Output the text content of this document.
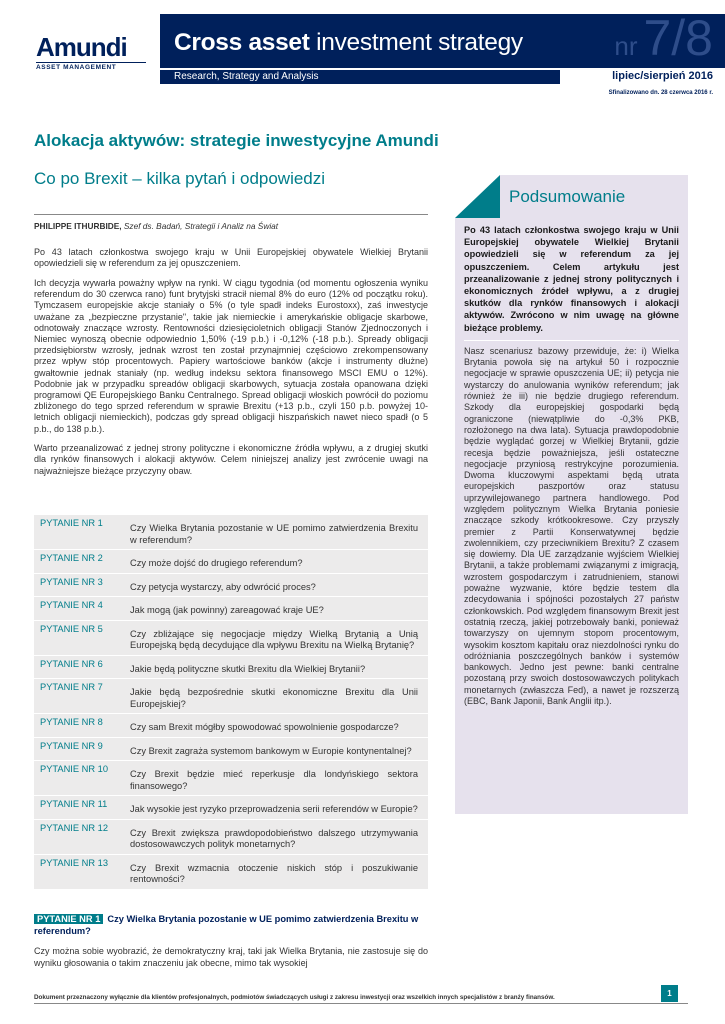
Amundi
ASSET MANAGEMENT
Cross asset investment strategy	nr 7/8
Research, Strategy and Analysis	lipiec/sierpień 2016
Sfinalizowano dn. 28 czerwca 2016 r.
Alokacja aktywów: strategie inwestycyjne Amundi
Co po Brexit – kilka pytań i odpowiedzi
PHILIPPE ITHURBIDE, Szef ds. Badań, Strategii i Analiz na Świat

Po 43 latach członkostwa swojego kraju w Unii Europejskiej obywatele Wielkiej Brytanii opowiedzieli się w referendum za jej opuszczeniem.

Ich decyzja wywarła poważny wpływ na rynki. W ciągu tygodnia (od momentu ogłoszenia wyniku referendum do 30 czerwca rano) funt brytyjski stracił niemal 8% do euro (12% od początku roku). Tymczasem europejskie akcje staniały o 5% (o tyle spadł indeks Eurostoxx), zaś inwestycje uważane za „bezpieczne przystanie", takie jak niemieckie i amerykańskie obligacje skarbowe, odnotowały znaczące wzrosty. Rentowności dziesięcioletnich obligacji Stanów Zjednoczonych i Niemiec wynoszą obecnie odpowiednio 1,50% (-19 p.b.) i -0,12% (-18 p.b.). Spready obligacji przedsiębiorstw wzrosły, jednak wzrost ten został przynajmniej częściowo zrekompensowany przez wpływ stóp procentowych. Papiery wartościowe banków (akcje i instrumenty dłużne) gwałtownie jednak staniały (np. według indeksu sektora finansowego MSCI EMU o 12%). Podobnie jak w przypadku spreadów obligacji skarbowych, sytuacja została opanowana dzięki programowi QE Europejskiego Banku Centralnego. Spread obligacji włoskich powrócił do poziomu zbliżonego do tego sprzed referendum w sprawie Brexitu (+13 p.b., czyli 150 p.b. powyżej 10-letnich obligacji niemieckich), podczas gdy spread obligacji hiszpańskich nawet nieco spadł (o 5 p.b., do 138 p.b.).

Warto przeanalizować z jednej strony polityczne i ekonomiczne źródła wpływu, a z drugiej skutki dla rynków finansowych i alokacji aktywów. Celem niniejszej analizy jest zwrócenie uwagi na najważniejsze bieżące przyczyny obaw.

PYTANIE NR 1	Czy Wielka Brytania pozostanie w UE pomimo zatwierdzenia Brexitu w referendum?
PYTANIE NR 2	Czy może dojść do drugiego referendum?
PYTANIE NR 3	Czy petycja wystarczy, aby odwrócić proces?
PYTANIE NR 4	Jak mogą (jak powinny) zareagować kraje UE?
PYTANIE NR 5	Czy zbliżające się negocjacje między Wielką Brytanią a Unią Europejską będą decydujące dla wpływu Brexitu na Wielką Brytanię?
PYTANIE NR 6	Jakie będą polityczne skutki Brexitu dla Wielkiej Brytanii?
PYTANIE NR 7	Jakie będą bezpośrednie skutki ekonomiczne Brexitu dla Unii Europejskiej?
PYTANIE NR 8	Czy sam Brexit mógłby spowodować spowolnienie gospodarcze?
PYTANIE NR 9	Czy Brexit zagraża systemom bankowym w Europie kontynentalnej?
PYTANIE NR 10	Czy Brexit będzie mieć reperkusje dla londyńskiego sektora finansowego?
PYTANIE NR 11	Jak wysokie jest ryzyko przeprowadzenia serii referendów w Europie?
PYTANIE NR 12	Czy Brexit zwiększa prawdopodobieństwo dalszego utrzymywania dostosowawczych polityk monetarnych?
PYTANIE NR 13	Czy Brexit wzmacnia otoczenie niskich stóp i poszukiwanie rentowności?
PYTANIE NR 1 Czy Wielka Brytania pozostanie w UE pomimo zatwierdzenia Brexitu w referendum?
Czy można sobie wyobrazić, że demokratyczny kraj, taki jak Wielka Brytania, nie zastosuje się do wyniku głosowania o takim znaczeniu jak obecne, mimo tak wysokiej
Podsumowanie
Po 43 latach członkostwa swojego kraju w Unii Europejskiej obywatele Wielkiej Brytanii opowiedzieli się w referendum za jej opuszczeniem. Celem artykułu jest przeanalizowanie z jednej strony politycznych i ekonomicznych źródeł wpływu, a z drugiej skutków dla rynków finansowych i alokacji aktywów. Zwrócono w nim uwagę na główne bieżące problemy.
Nasz scenariusz bazowy przewiduje, że: i) Wielka Brytania powoła się na artykuł 50 i rozpocznie negocjacje w sprawie opuszczenia UE; ii) petycja nie wystarczy do anulowania wyników referendum; jak również że iii) nie będzie drugiego referendum. Szkody dla europejskiej gospodarki będą ograniczone (niewątpliwie do -0,3% PKB, rozłożonego na dwa lata). Sytuacja prawdopodobnie będzie wyglądać gorzej w Wielkiej Brytanii, gdzie recesja będzie poważniejsza, jeśli ostateczne negocjacje przyniosą restrykcyjne porozumienia. Dwoma kluczowymi aspektami będą utrata europejskich paszportów oraz statusu uprzywilejowanego partnera handlowego. Pod względem politycznym Wielka Brytania poniesie znaczące szkody krótkookresowe. Czy przyszły premier z Partii Konserwatywnej będzie zwolennikiem, czy przeciwnikiem Brexitu? Z czasem się dowiemy. Dla UE zarządzanie wyjściem Wielkiej Brytanii, a także problemami związanymi z imigracją, wzrostem gospodarczym i zatrudnieniem, stanowi poważne wyzwanie, które będzie testem dla zdecydowania i spójności pozostałych 27 państw członkowskich. Pod względem finansowym Brexit jest ostatnią rzeczą, jakiej potrzebowały banki, ponieważ towarzyszy on ujemnym stopom procentowym, wysokim kosztom kapitału oraz niezdolności rynku do odróżniania poszczególnych banków i systemów bankowych. Jedno jest pewne: banki centralne pozostaną przy swoich dostosowawczych politykach monetarnych (zwłaszcza Fed), a nawet je rozszerzą (EBC, Bank Japonii, Bank Anglii itp.).
Dokument przeznaczony wyłącznie dla klientów profesjonalnych, podmiotów świadczących usługi z zakresu inwestycji oraz wszelkich innych specjalistów z branży finansów.	1
